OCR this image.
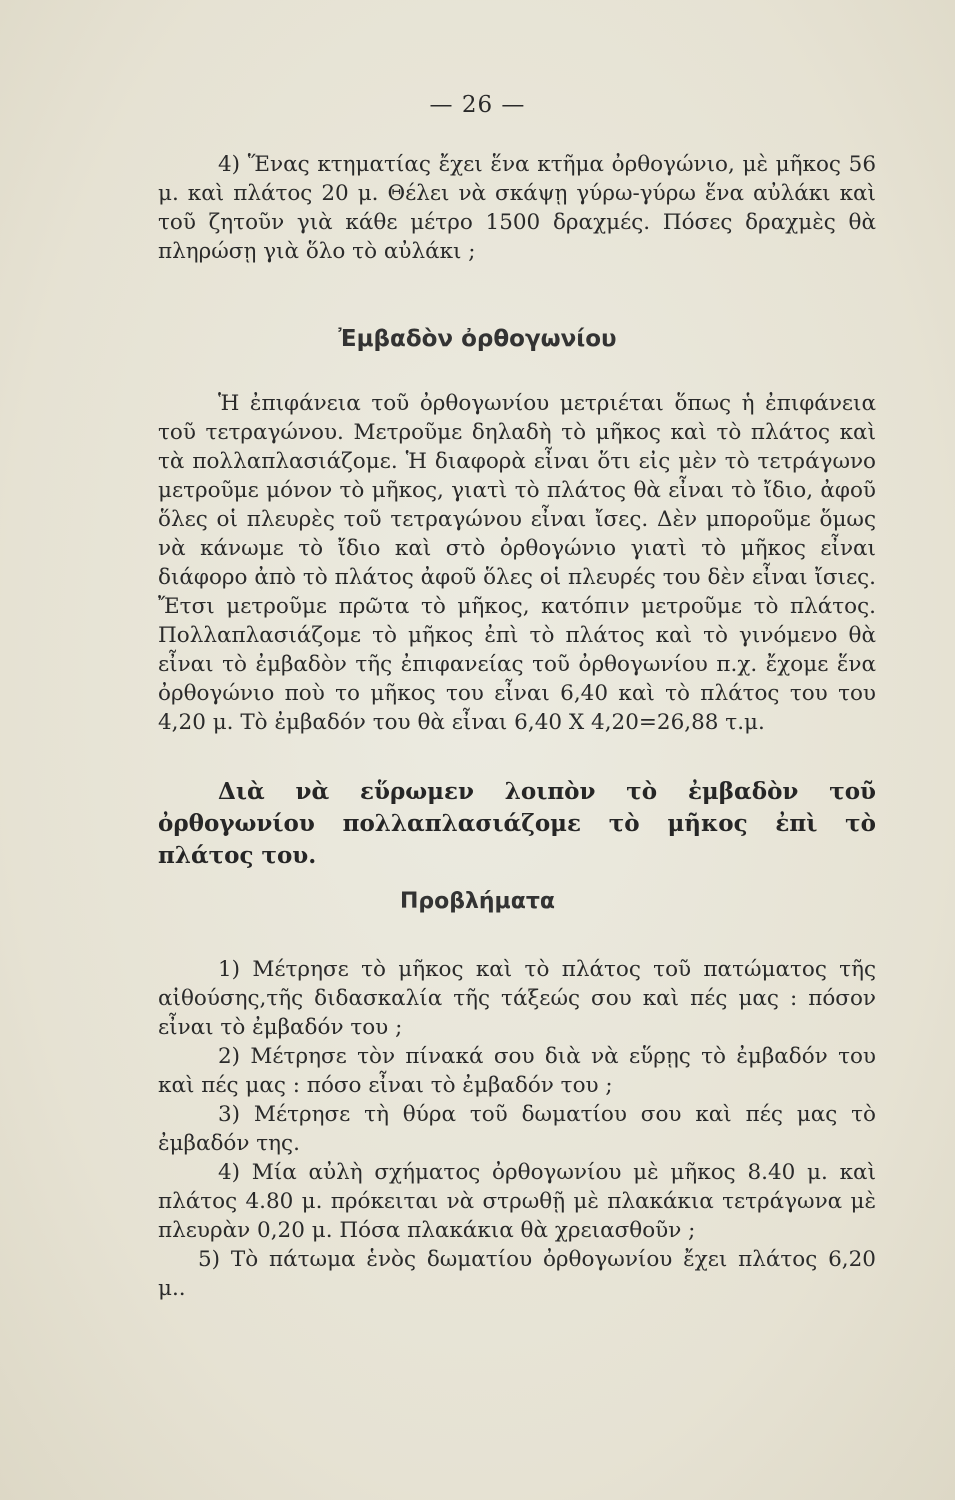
— 26 —

4) Ἕνας κτηματίας ἔχει ἕνα κτῆμα ὀρθογώνιο, μὲ μῆκος 56 μ. καὶ πλάτος 20 μ. Θέλει νὰ σκάψῃ γύρω-γύρω ἕνα αὐλάκι καὶ τοῦ ζητοῦν γιὰ κάθε μέτρο 1500 δραχμές. Πόσες δραχμὲς θὰ πληρώσῃ γιὰ ὅλο τὸ αὐλάκι ;

Ἐμβαδὸν ὀρθογωνίου

Ἡ ἐπιφάνεια τοῦ ὀρθογωνίου μετριέται ὅπως ἡ ἐπιφάνεια τοῦ τετραγώνου. Μετροῦμε δηλαδὴ τὸ μῆκος καὶ τὸ πλάτος καὶ τὰ πολλαπλασιάζομε. Ἡ διαφορὰ εἶναι ὅτι εἰς μὲν τὸ τετράγωνο μετροῦμε μόνον τὸ μῆκος, γιατὶ τὸ πλάτος θὰ εἶναι τὸ ἴδιο, ἀφοῦ ὅλες οἱ πλευρὲς τοῦ τετραγώνου εἶναι ἴσες. Δὲν μποροῦμε ὅμως νὰ κάνωμε τὸ ἴδιο καὶ στὸ ὀρθογώνιο γιατὶ τὸ μῆκος εἶναι διάφορο ἀπὸ τὸ πλάτος ἀφοῦ ὅλες οἱ πλευρές του δὲν εἶναι ἴσιες. Ἔτσι μετροῦμε πρῶτα τὸ μῆκος, κατόπιν μετροῦμε τὸ πλάτος. Πολλαπλασιάζομε τὸ μῆκος ἐπὶ τὸ πλάτος καὶ τὸ γινόμενο θὰ εἶναι τὸ ἐμβαδὸν τῆς ἐπιφανείας τοῦ ὀρθογωνίου π.χ. ἔχομε ἕνα ὀρθογώνιο ποὺ το μῆκος του εἶναι 6,40 καὶ τὸ πλάτος του του 4,20 μ. Τὸ ἐμβαδόν του θὰ εἶναι 6,40 X 4,20=26,88 τ.μ.

Διὰ νὰ εὕρωμεν λοιπὸν τὸ ἐμβαδὸν τοῦ ὀρθογωνίου πολλαπλασιάζομε τὸ μῆκος ἐπὶ τὸ πλάτος του.

Προβλήματα

1) Μέτρησε τὸ μῆκος καὶ τὸ πλάτος τοῦ πατώματος τῆς αἰθούσης,τῆς διδασκαλία τῆς τάξεώς σου καὶ πές μας : πόσον εἶναι τὸ ἐμβαδόν του ;

2) Μέτρησε τὸν πίνακά σου διὰ νὰ εὕρῃς τὸ ἐμβαδόν του καὶ πές μας : πόσο εἶναι τὸ ἐμβαδόν του ;

3) Μέτρησε τὴ θύρα τοῦ δωματίου σου καὶ πές μας τὸ ἐμβαδόν της.

4) Μία αὐλὴ σχήματος ὀρθογωνίου μὲ μῆκος 8.40 μ. καὶ πλάτος 4.80 μ. πρόκειται νὰ στρωθῇ μὲ πλακάκια τετράγωνα μὲ πλευρὰν 0,20 μ. Πόσα πλακάκια θὰ χρειασθοῦν ;

5) Τὸ πάτωμα ἑνὸς δωματίου ὀρθογωνίου ἔχει πλάτος 6,20 μ..
